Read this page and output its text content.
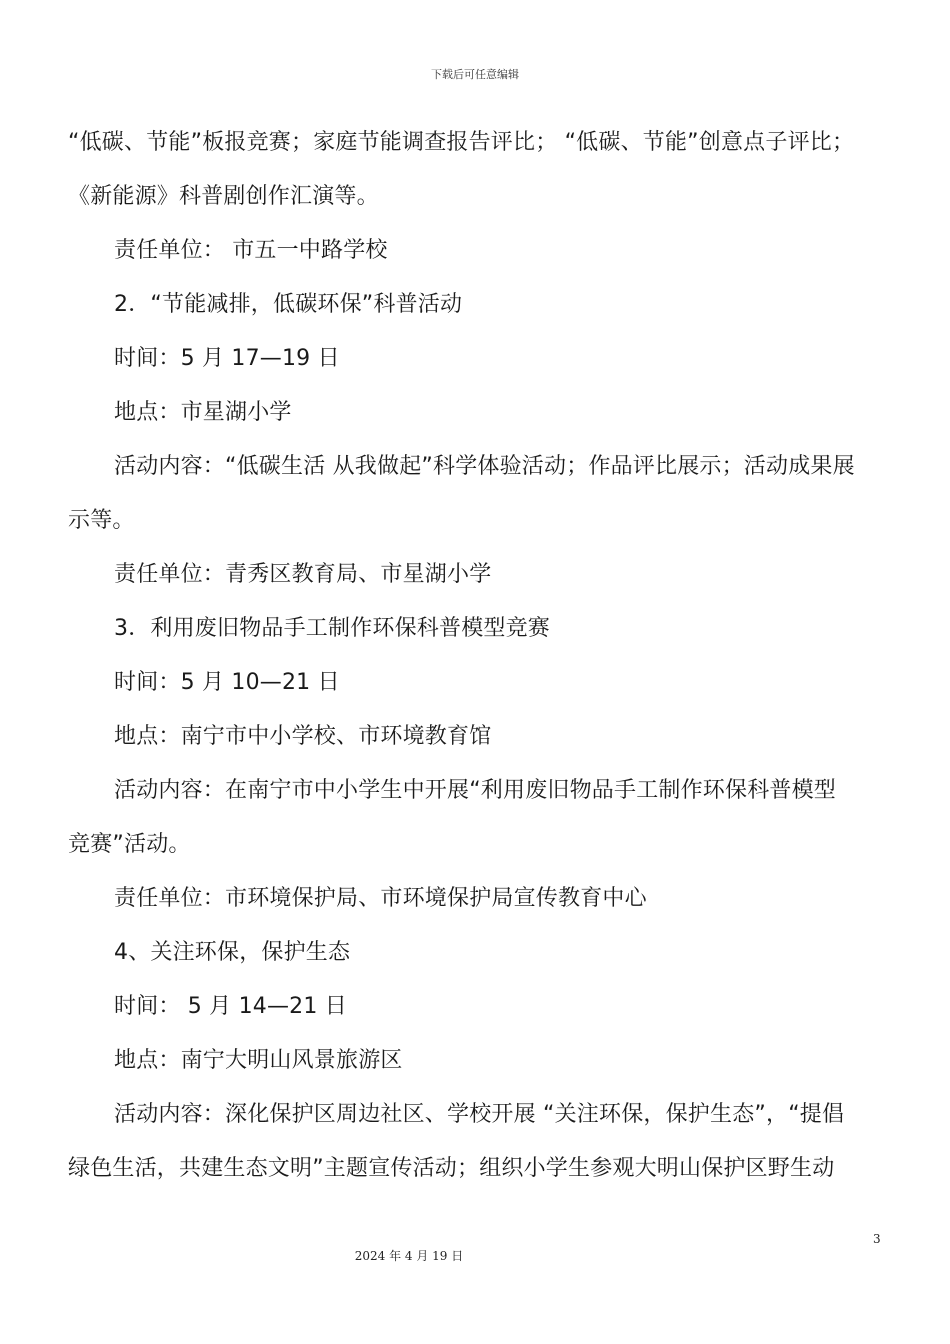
下载后可任意编辑

“低碳、节能”板报竞赛；家庭节能调查报告评比； “低碳、节能”创意点子评比；

《新能源》科普剧创作汇演等。

责任单位： 市五一中路学校

2．“节能减排，低碳环保”科普活动

时间：5 月 17—19 日

地点：市星湖小学

活动内容：“低碳生活 从我做起”科学体验活动；作品评比展示；活动成果展

示等。

责任单位：青秀区教育局、市星湖小学

3．利用废旧物品手工制作环保科普模型竞赛

时间：5 月 10—21 日

地点：南宁市中小学校、市环境教育馆

活动内容：在南宁市中小学生中开展“利用废旧物品手工制作环保科普模型

竞赛”活动。

责任单位：市环境保护局、市环境保护局宣传教育中心

4、关注环保，保护生态

时间： 5 月 14—21 日

地点：南宁大明山风景旅游区

活动内容：深化保护区周边社区、学校开展 “关注环保，保护生态”，“提倡

绿色生活，共建生态文明”主题宣传活动；组织小学生参观大明山保护区野生动

3
2024 年 4 月 19 日
